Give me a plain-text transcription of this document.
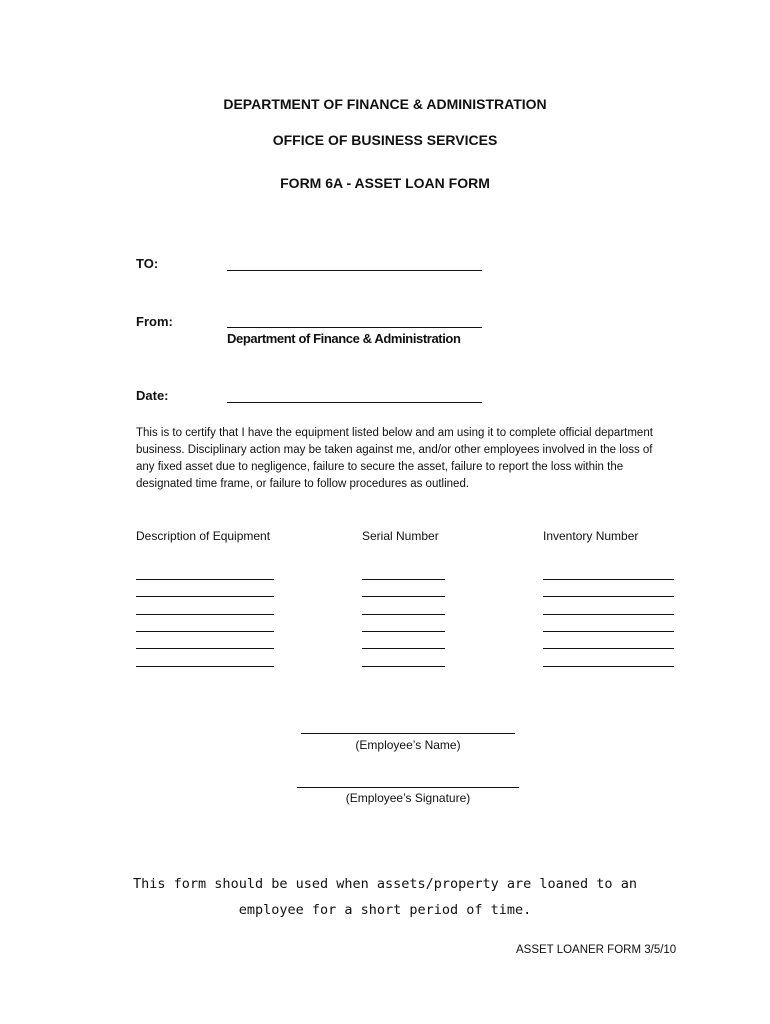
DEPARTMENT OF FINANCE & ADMINISTRATION
OFFICE OF BUSINESS SERVICES
FORM 6A - ASSET LOAN FORM
TO:
From:
Department of Finance & Administration
Date:

This is to certify that I have the equipment listed below and am using it to complete official department business. Disciplinary action may be taken against me, and/or other employees involved in the loss of any fixed asset due to negligence, failure to secure the asset, failure to report the loss within the designated time frame, or failure to follow procedures as outlined.

Description of Equipment	Serial Number	Inventory Number
(Employee’s Name)
(Employee’s Signature)
This form should be used when assets/property are loaned to an
employee for a short period of time.
ASSET LOANER FORM 3/5/10
